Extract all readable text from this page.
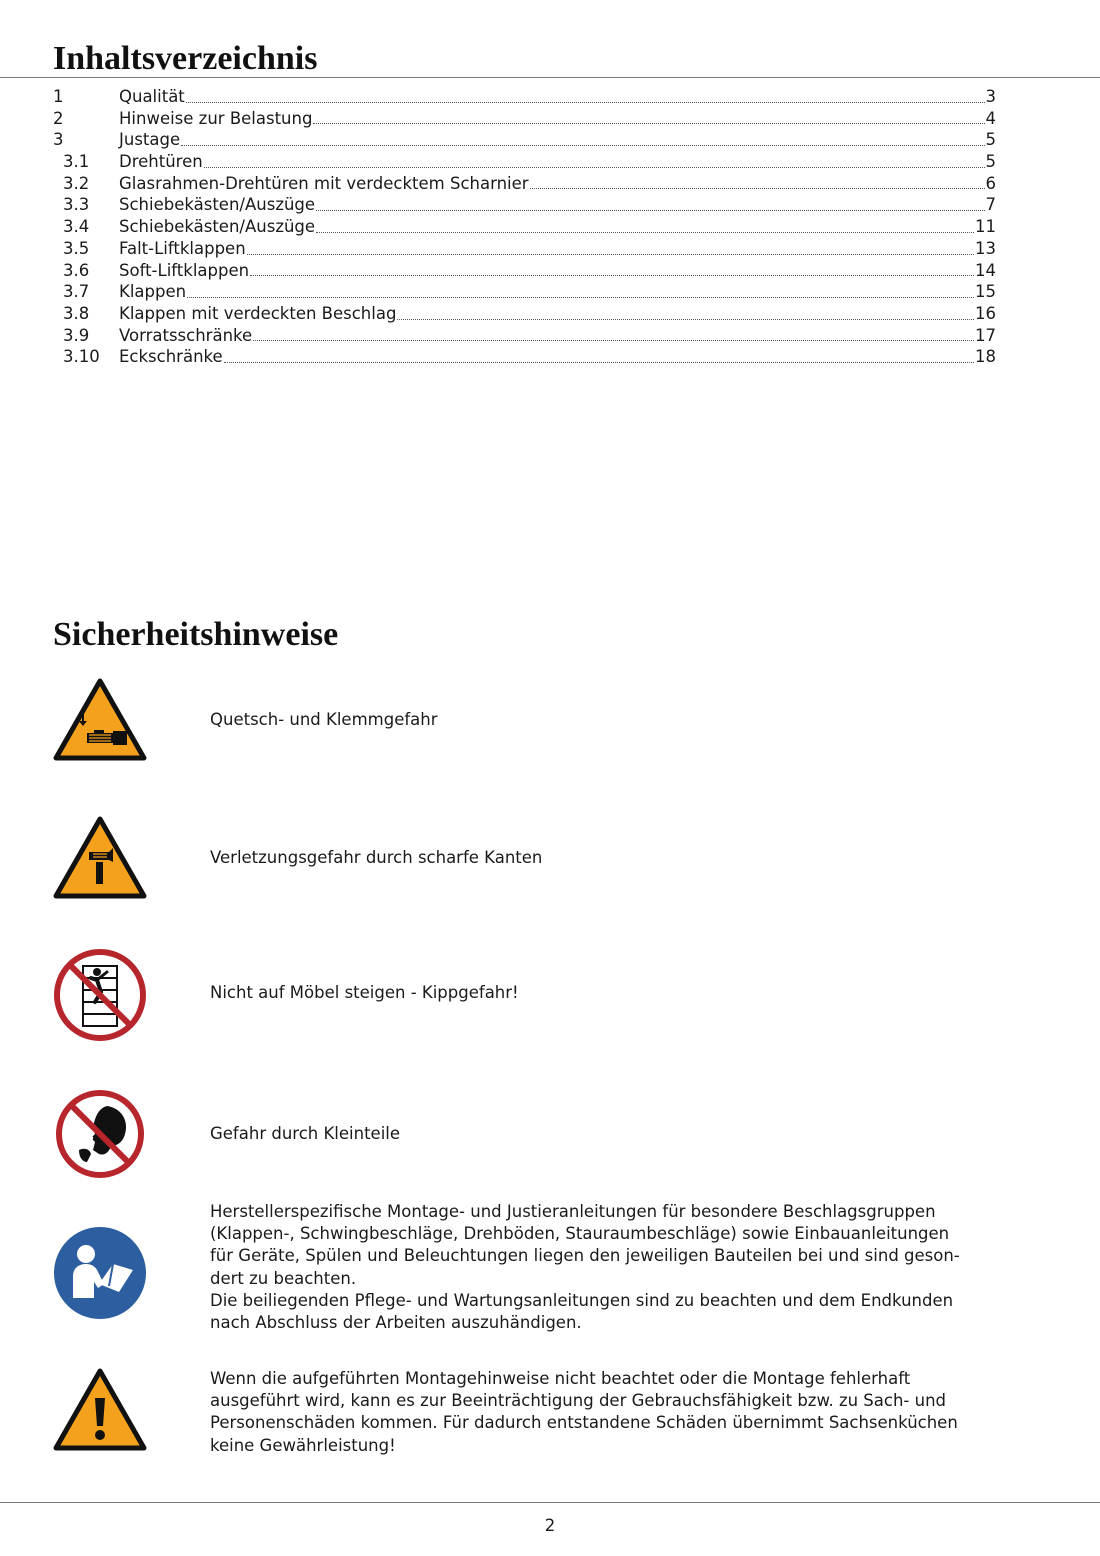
Inhaltsverzeichnis
1	Qualität	3
2	Hinweise zur Belastung	4
3	Justage	5
3.1	Drehtüren	5
3.2	Glasrahmen-Drehtüren mit verdecktem Scharnier	6
3.3	Schiebekästen/Auszüge	7
3.4	Schiebekästen/Auszüge	11
3.5	Falt-Liftklappen	13
3.6	Soft-Liftklappen	14
3.7	Klappen	15
3.8	Klappen mit verdeckten Beschlag	16
3.9	Vorratsschränke	17
3.10	Eckschränke	18
Sicherheitshinweise
Quetsch- und Klemmgefahr
Verletzungsgefahr durch scharfe Kanten
Nicht auf Möbel steigen - Kippgefahr!
Gefahr durch Kleinteile
Herstellerspezifische Montage- und Justieranleitungen für besondere Beschlagsgruppen
(Klappen-, Schwingbeschläge, Drehböden, Stauraumbeschläge) sowie Einbauanleitungen
für Geräte, Spülen und Beleuchtungen liegen den jeweiligen Bauteilen bei und sind geson-
dert zu beachten.
Die beiliegenden Pflege- und Wartungsanleitungen sind zu beachten und dem Endkunden
nach Abschluss der Arbeiten auszuhändigen.
Wenn die aufgeführten Montagehinweise nicht beachtet oder die Montage fehlerhaft
ausgeführt wird, kann es zur Beeinträchtigung der Gebrauchsfähigkeit bzw. zu Sach- und
Personenschäden kommen. Für dadurch entstandene Schäden übernimmt Sachsenküchen
keine Gewährleistung!
2
